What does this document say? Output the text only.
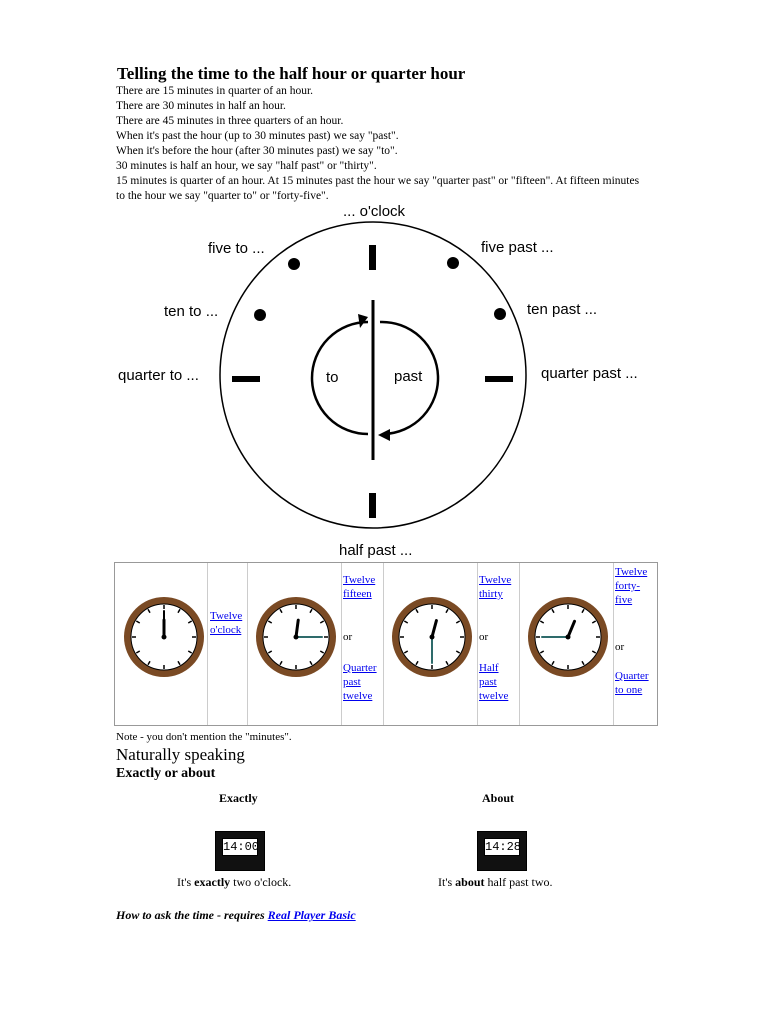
Telling the time to the half hour or quarter hour
There are 15 minutes in quarter of an hour.
There are 30 minutes in half an hour.
There are 45 minutes in three quarters of an hour.
When it's past the hour (up to 30 minutes past) we say "past".
When it's before the hour (after 30 minutes past) we say "to".
30 minutes is half an hour, we say "half past" or "thirty".
15 minutes is quarter of an hour. At 15 minutes past the hour we say "quarter past" or "fifteen". At fifteen minutes to the hour we say "quarter to" or "forty-five".
... o'clock
five to ...	five past ...
ten to ...	ten past ...
quarter to ...	quarter past ...
to	past
half past ...
Twelve o'clock
Twelve fifteen
or
Quarter past twelve
Twelve thirty
or
Half past twelve
Twelve forty-five
or
Quarter to one
Note - you don't mention the "minutes".
Naturally speaking
Exactly or about
Exactly	About
14:00	14:28
It's exactly two o'clock.	It's about half past two.
How to ask the time - requires Real Player Basic
